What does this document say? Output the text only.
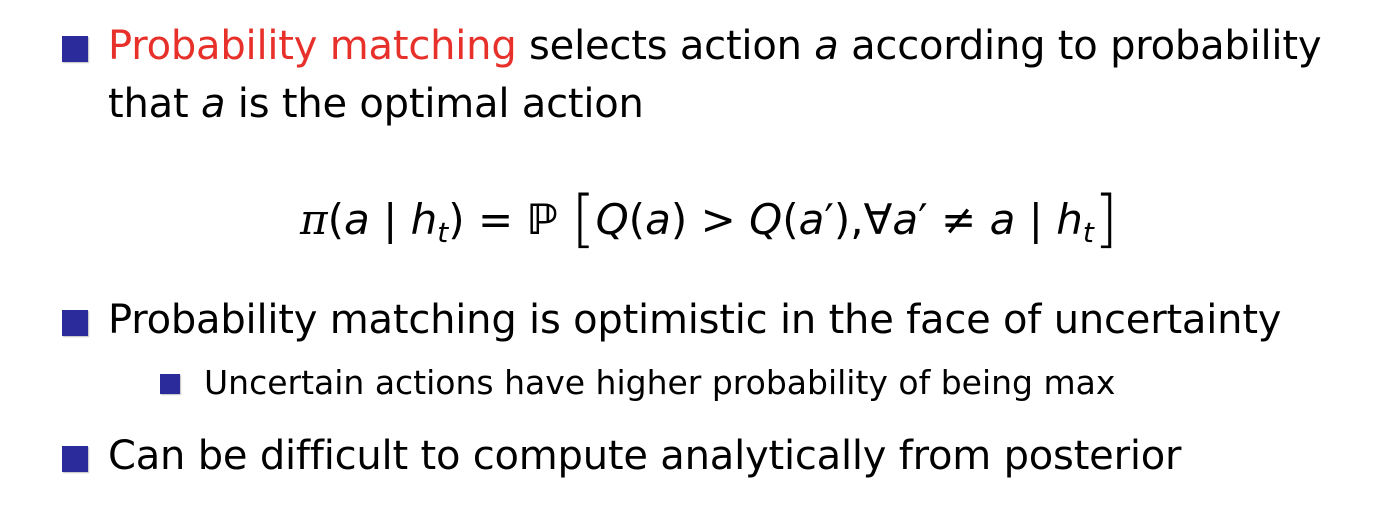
Probability matching selects action a according to probability
that a is the optimal action
π(a | $h_t$) = ℙ [Q(a) > Q(a′),∀a′ ≠ a | $h_t$]
Probability matching is optimistic in the face of uncertainty
Uncertain actions have higher probability of being max
Can be difficult to compute analytically from posterior
